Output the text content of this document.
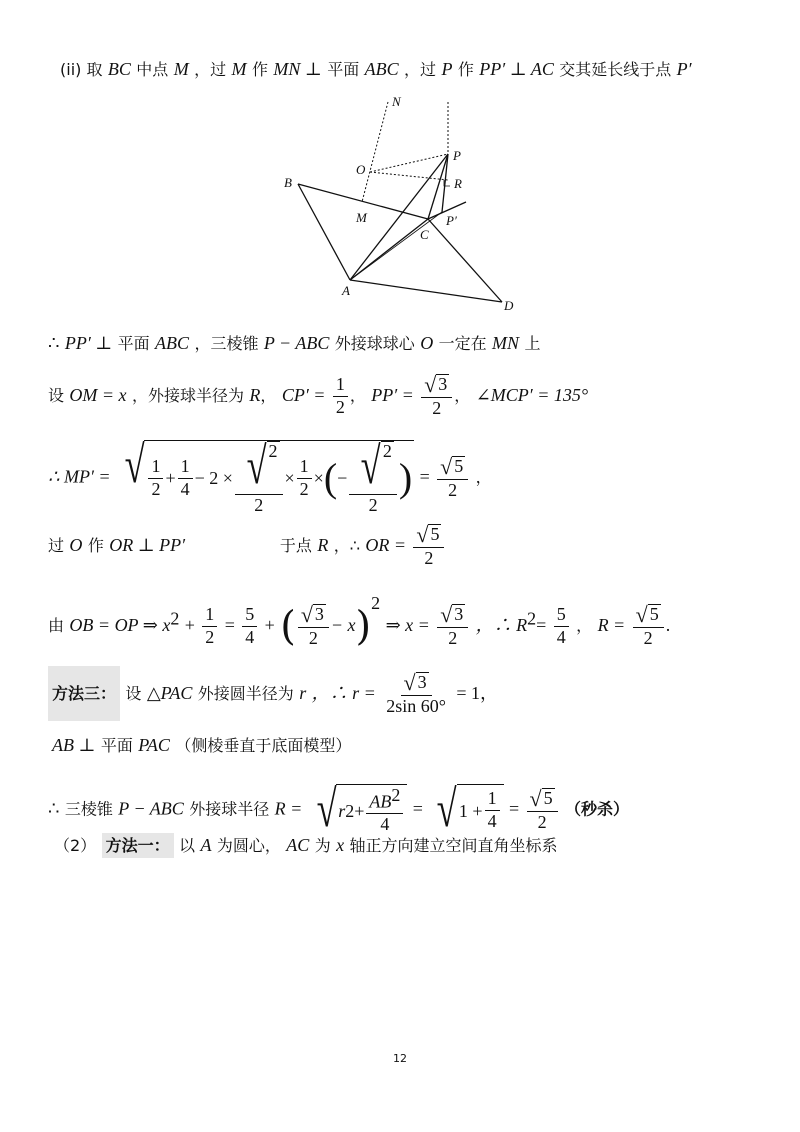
(ii) 取 BC 中点 M ，过 M 作 MN ⊥ 平面 ABC ，过 P 作 PP′ ⊥ AC 交其延长线于点 P′
N
O
P
R
B
M
C
P′
A
D
∴ PP′ ⊥ 平面 ABC ，三棱锥 P − ABC 外接球球心 O 一定在 MN 上
设 OM = x ，外接球半径为 R， $CP' = \frac{1}{2}$ ， $PP' = \frac{√ 3}{2}$ ， ∠MCP′ = 135°
∴ MP′ = √ $\frac{1}{2} + \frac{1}{4} - 2 \times \frac{√ 2}{2} \times \frac{1}{2}$ × ( − $\frac{√ 2}{2}$ ) = $\frac{√ 5}{2}$ ，
过 O 作 OR ⊥ PP′	于点 R ，∴ OR = $\frac{√ 5}{2}$
由 OB = OP ⇒ $x^2 + \frac{1}{2} = \frac{5}{4}$ + ( $\frac{√ 3}{2} - x)^2$ ⇒ $x = \frac{√ 3}{2}$ ，∴ $R^2= \frac{5}{4}$ ， $R = \frac{√ 5}{2}$ .
方法三： 设 △PAC 外接圆半径为 r ，∴ $r = \frac{√ 3}{2\sin 60^\circ} = 1$，
AB ⊥ 平面 PAC （侧棱垂直于底面模型）
∴ 三棱锥 P − ABC 外接球半径 R = √ r $2 + \frac{AB^2}{4}$ = √ $1 + \frac{1}{4} = \frac{√ 5}{2}$ （秒杀）
（2） 方法一： 以 A 为圆心， AC 为 x 轴正方向建立空间直角坐标系
12
